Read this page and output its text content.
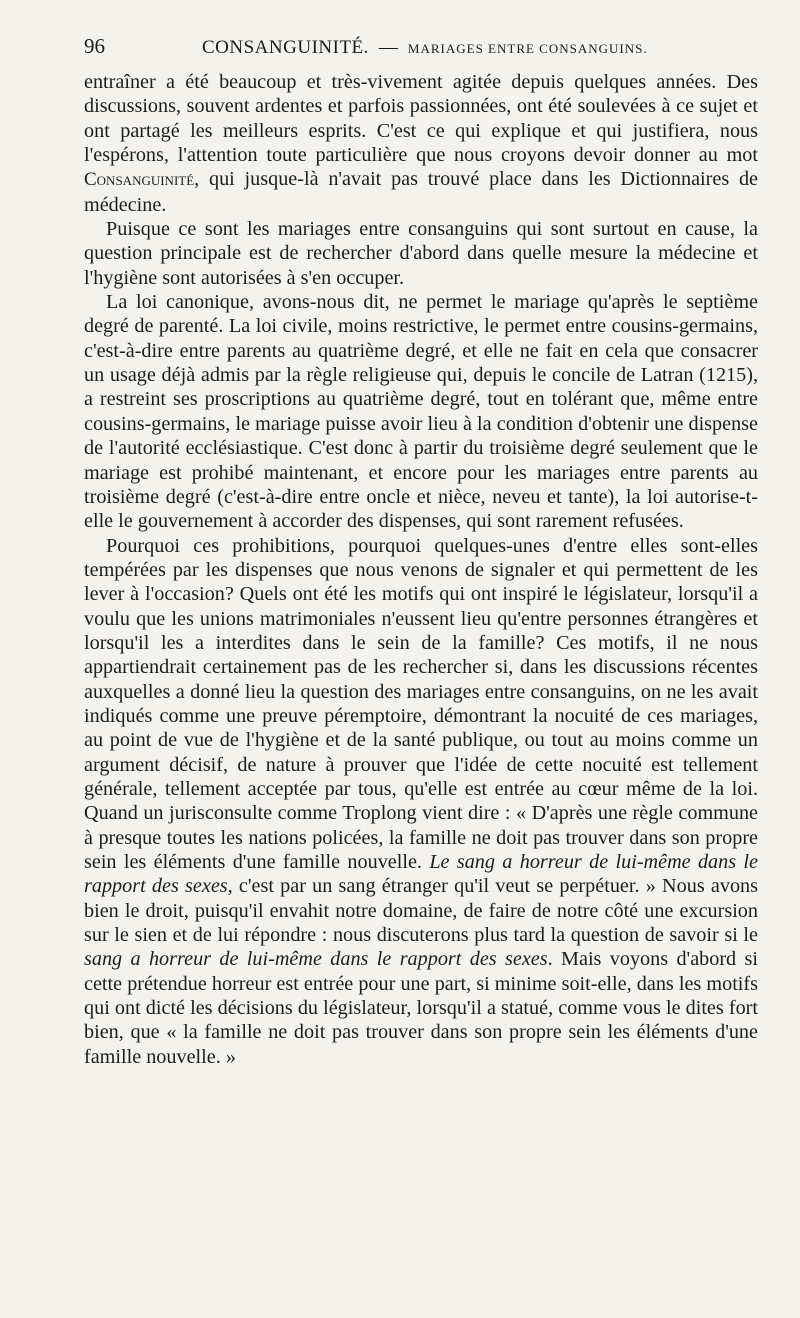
96	CONSANGUINITÉ. — MARIAGES ENTRE CONSANGUINS.

entraîner a été beaucoup et très-vivement agitée depuis quelques années. Des discussions, souvent ardentes et parfois passionnées, ont été soulevées à ce sujet et ont partagé les meilleurs esprits. C'est ce qui explique et qui justifiera, nous l'espérons, l'attention toute particulière que nous croyons devoir donner au mot Consanguinité, qui jusque-là n'avait pas trouvé place dans les Dictionnaires de médecine.

Puisque ce sont les mariages entre consanguins qui sont surtout en cause, la question principale est de rechercher d'abord dans quelle mesure la médecine et l'hygiène sont autorisées à s'en occuper.

La loi canonique, avons-nous dit, ne permet le mariage qu'après le septième degré de parenté. La loi civile, moins restrictive, le permet entre cousins-germains, c'est-à-dire entre parents au quatrième degré, et elle ne fait en cela que consacrer un usage déjà admis par la règle religieuse qui, depuis le concile de Latran (1215), a restreint ses proscriptions au quatrième degré, tout en tolérant que, même entre cousins-germains, le mariage puisse avoir lieu à la condition d'obtenir une dispense de l'autorité ecclésiastique. C'est donc à partir du troisième degré seulement que le mariage est prohibé maintenant, et encore pour les mariages entre parents au troisième degré (c'est-à-dire entre oncle et nièce, neveu et tante), la loi autorise-t-elle le gouvernement à accorder des dispenses, qui sont rarement refusées.

Pourquoi ces prohibitions, pourquoi quelques-unes d'entre elles sont-elles tempérées par les dispenses que nous venons de signaler et qui permettent de les lever à l'occasion? Quels ont été les motifs qui ont inspiré le législateur, lorsqu'il a voulu que les unions matrimoniales n'eussent lieu qu'entre personnes étrangères et lorsqu'il les a interdites dans le sein de la famille? Ces motifs, il ne nous appartiendrait certainement pas de les rechercher si, dans les discussions récentes auxquelles a donné lieu la question des mariages entre consanguins, on ne les avait indiqués comme une preuve péremptoire, démontrant la nocuité de ces mariages, au point de vue de l'hygiène et de la santé publique, ou tout au moins comme un argument décisif, de nature à prouver que l'idée de cette nocuité est tellement générale, tellement acceptée par tous, qu'elle est entrée au cœur même de la loi. Quand un jurisconsulte comme Troplong vient dire : « D'après une règle commune à presque toutes les nations policées, la famille ne doit pas trouver dans son propre sein les éléments d'une famille nouvelle. Le sang a horreur de lui-même dans le rapport des sexes, c'est par un sang étranger qu'il veut se perpétuer. » Nous avons bien le droit, puisqu'il envahit notre domaine, de faire de notre côté une excursion sur le sien et de lui répondre : nous discuterons plus tard la question de savoir si le sang a horreur de lui-même dans le rapport des sexes. Mais voyons d'abord si cette prétendue horreur est entrée pour une part, si minime soit-elle, dans les motifs qui ont dicté les décisions du législateur, lorsqu'il a statué, comme vous le dites fort bien, que « la famille ne doit pas trouver dans son propre sein les éléments d'une famille nouvelle. »
